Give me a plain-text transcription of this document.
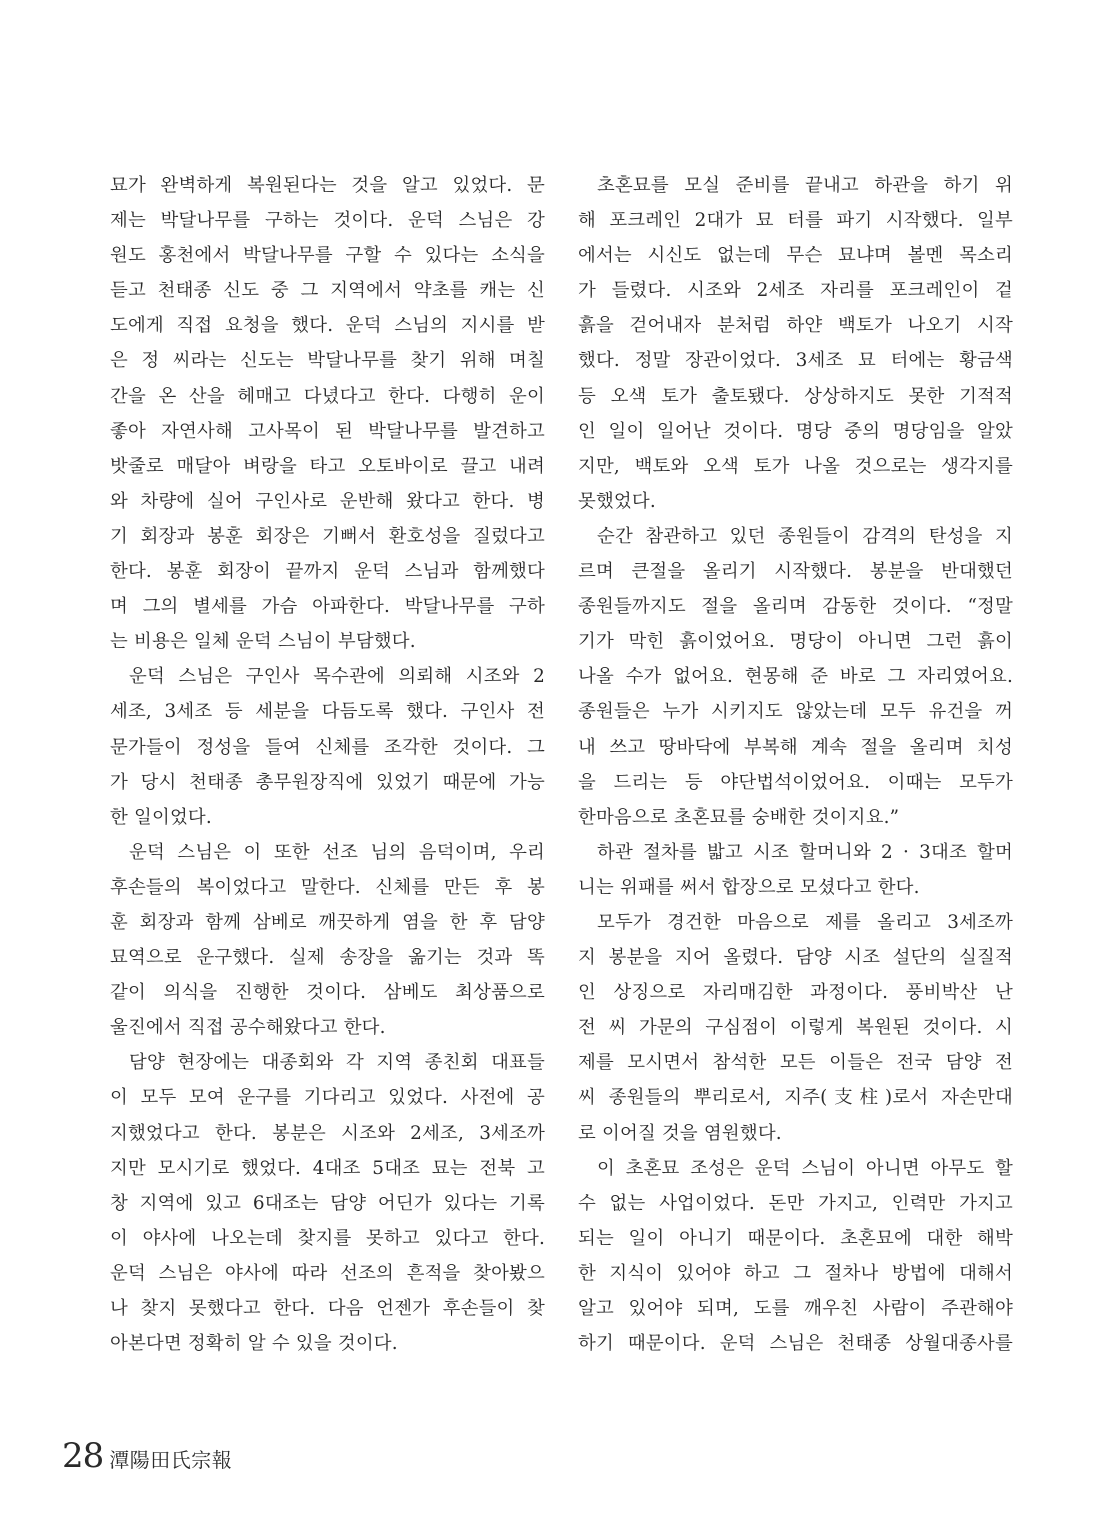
묘가 완벽하게 복원된다는 것을 알고 있었다. 문
제는 박달나무를 구하는 것이다. 운덕 스님은 강
원도 홍천에서 박달나무를 구할 수 있다는 소식을
듣고 천태종 신도 중 그 지역에서 약초를 캐는 신
도에게 직접 요청을 했다. 운덕 스님의 지시를 받
은 정 씨라는 신도는 박달나무를 찾기 위해 며칠
간을 온 산을 헤매고 다녔다고 한다. 다행히 운이
좋아 자연사해 고사목이 된 박달나무를 발견하고
밧줄로 매달아 벼랑을 타고 오토바이로 끌고 내려
와 차량에 실어 구인사로 운반해 왔다고 한다. 병
기 회장과 봉훈 회장은 기뻐서 환호성을 질렀다고
한다. 봉훈 회장이 끝까지 운덕 스님과 함께했다
며 그의 별세를 가슴 아파한다. 박달나무를 구하
는 비용은 일체 운덕 스님이 부담했다.
운덕 스님은 구인사 목수관에 의뢰해 시조와 2
세조, 3세조 등 세분을 다듬도록 했다. 구인사 전
문가들이 정성을 들여 신체를 조각한 것이다. 그
가 당시 천태종 총무원장직에 있었기 때문에 가능
한 일이었다.
운덕 스님은 이 또한 선조 님의 음덕이며, 우리
후손들의 복이었다고 말한다. 신체를 만든 후 봉
훈 회장과 함께 삼베로 깨끗하게 염을 한 후 담양
묘역으로 운구했다. 실제 송장을 옮기는 것과 똑
같이 의식을 진행한 것이다. 삼베도 최상품으로
울진에서 직접 공수해왔다고 한다.
담양 현장에는 대종회와 각 지역 종친회 대표들
이 모두 모여 운구를 기다리고 있었다. 사전에 공
지했었다고 한다. 봉분은 시조와 2세조, 3세조까
지만 모시기로 했었다. 4대조 5대조 묘는 전북 고
창 지역에 있고 6대조는 담양 어딘가 있다는 기록
이 야사에 나오는데 찾지를 못하고 있다고 한다.
운덕 스님은 야사에 따라 선조의 흔적을 찾아봤으
나 찾지 못했다고 한다. 다음 언젠가 후손들이 찾
아본다면 정확히 알 수 있을 것이다.
초혼묘를 모실 준비를 끝내고 하관을 하기 위
해 포크레인 2대가 묘 터를 파기 시작했다. 일부
에서는 시신도 없는데 무슨 묘냐며 볼멘 목소리
가 들렸다. 시조와 2세조 자리를 포크레인이 겉
흙을 걷어내자 분처럼 하얀 백토가 나오기 시작
했다. 정말 장관이었다. 3세조 묘 터에는 황금색
등 오색 토가 출토됐다. 상상하지도 못한 기적적
인 일이 일어난 것이다. 명당 중의 명당임을 알았
지만, 백토와 오색 토가 나올 것으로는 생각지를
못했었다.
순간 참관하고 있던 종원들이 감격의 탄성을 지
르며 큰절을 올리기 시작했다. 봉분을 반대했던
종원들까지도 절을 올리며 감동한 것이다. “정말
기가 막힌 흙이었어요. 명당이 아니면 그런 흙이
나올 수가 없어요. 현몽해 준 바로 그 자리였어요.
종원들은 누가 시키지도 않았는데 모두 유건을 꺼
내 쓰고 땅바닥에 부복해 계속 절을 올리며 치성
을 드리는 등 야단법석이었어요. 이때는 모두가
한마음으로 초혼묘를 숭배한 것이지요.”
하관 절차를 밟고 시조 할머니와 2 · 3대조 할머
니는 위패를 써서 합장으로 모셨다고 한다.
모두가 경건한 마음으로 제를 올리고 3세조까
지 봉분을 지어 올렸다. 담양 시조 설단의 실질적
인 상징으로 자리매김한 과정이다. 풍비박산 난
전 씨 가문의 구심점이 이렇게 복원된 것이다. 시
제를 모시면서 참석한 모든 이들은 전국 담양 전
씨 종원들의 뿌리로서, 지주(支柱)로서 자손만대
로 이어질 것을 염원했다.
이 초혼묘 조성은 운덕 스님이 아니면 아무도 할
수 없는 사업이었다. 돈만 가지고, 인력만 가지고
되는 일이 아니기 때문이다. 초혼묘에 대한 해박
한 지식이 있어야 하고 그 절차나 방법에 대해서
알고 있어야 되며, 도를 깨우친 사람이 주관해야
하기 때문이다. 운덕 스님은 천태종 상월대종사를
28 潭陽田氏宗報
